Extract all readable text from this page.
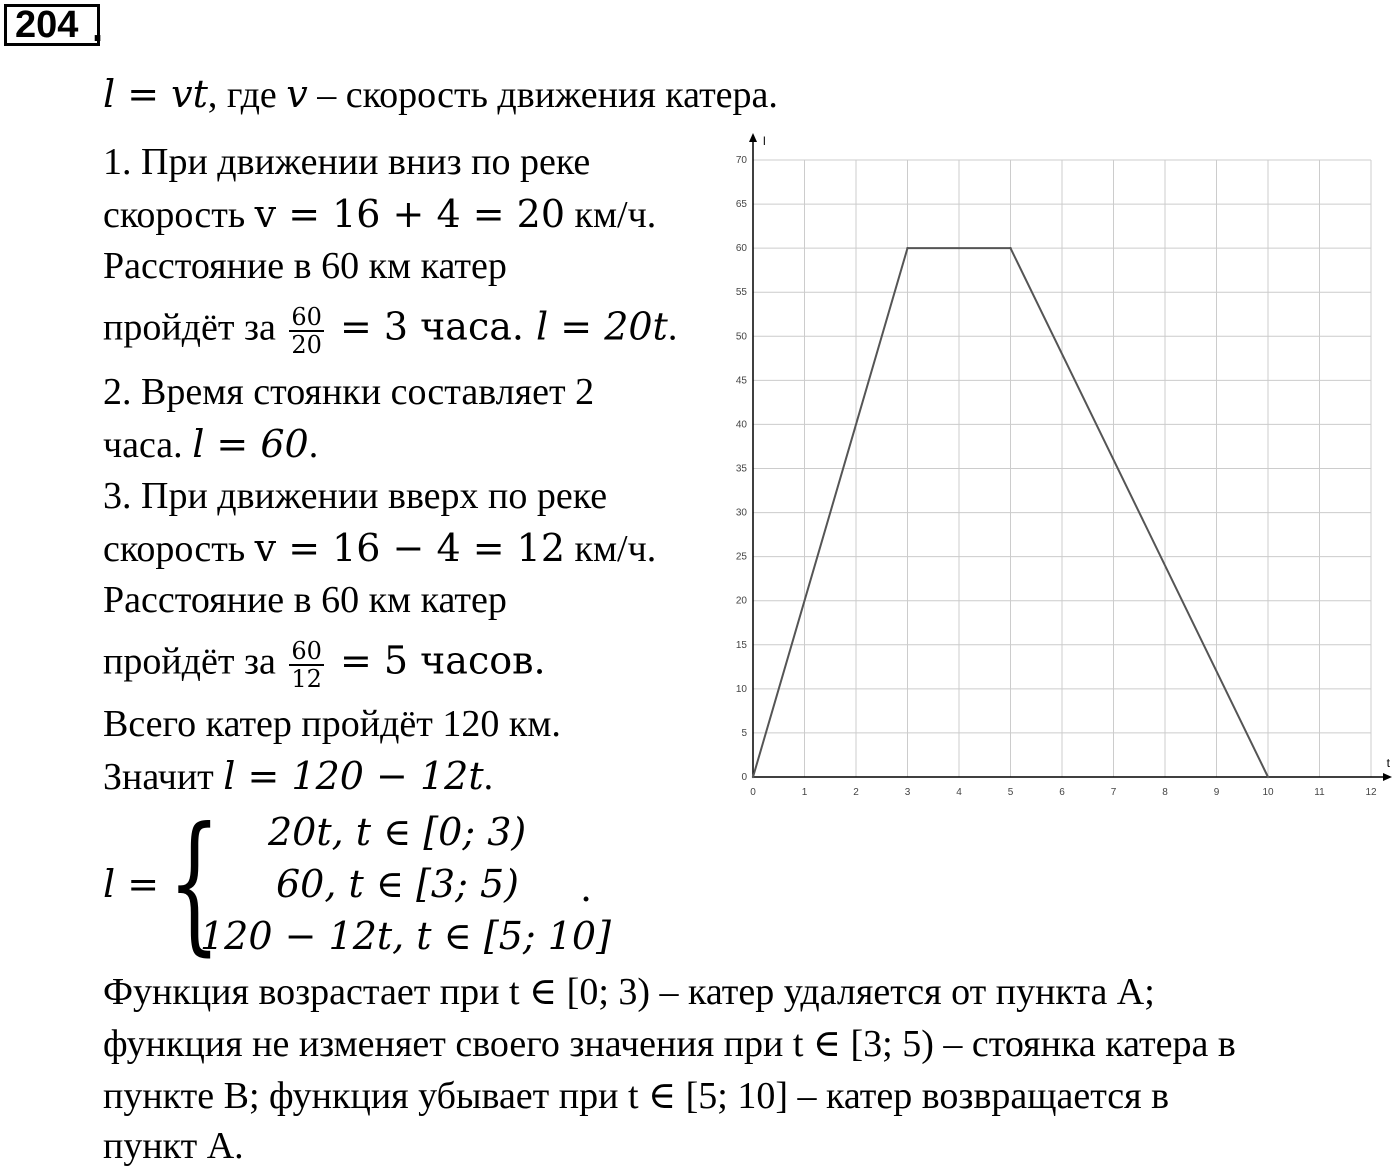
204 .
l = vt, где v – скорость движения катера.
1. При движении вниз по реке
скорость v = 16 + 4 = 20 км/ч.
Расстояние в 60 км катер
пройдёт за $\frac{60}{20} = 3$ часа. l = 20t.
2. Время стоянки составляет 2
часа. l = 60.
3. При движении вверх по реке
скорость v = 16 − 4 = 12 км/ч.
Расстояние в 60 км катер
пройдёт за $\frac{60}{12} = 5$ часов.
Всего катер пройдёт 120 км.
Значит l = 120 − 12t.
l = { 20t, t ∈ [0; 3)
60, t ∈ [3; 5)
120 − 12t, t ∈ [5; 10]
.
Функция возрастает при t ∈ [0; 3) – катер удаляется от пункта A;
функция не изменяет своего значения при t ∈ [3; 5) – стоянка катера в
пункте B; функция убывает при t ∈ [5; 10] – катер возвращается в
пункт A.
0	1	2	3	4	5	6	7	8	9	10	11	12
0
5
10
15
20
25
30
35
40
45
50
55
60
65
70
t
l
